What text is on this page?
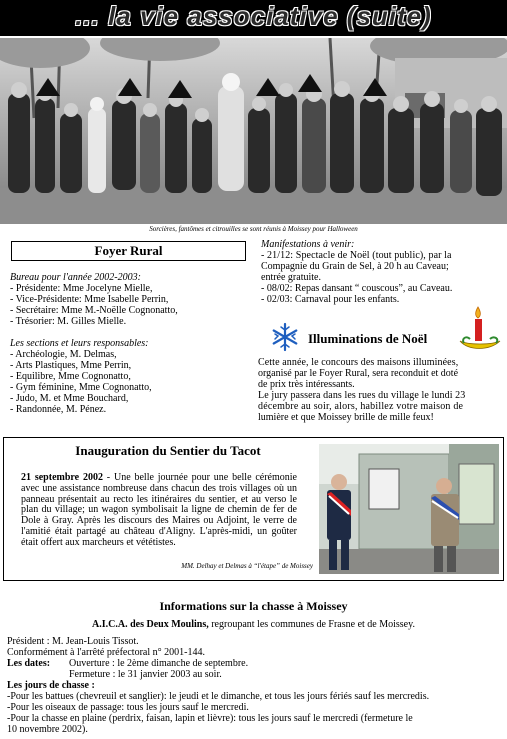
... la vie associative (suite)
Sorcières, fantômes et citrouilles se sont réunis à Moissey pour Halloween
Foyer Rural
Bureau pour l'année 2002-2003:
- Présidente: Mme Jocelyne Mielle,
- Vice-Présidente: Mme Isabelle Perrin,
- Secrétaire: Mme M.-Noëlle Cognonatto,
- Trésorier: M. Gilles Mielle.
Les sections et leurs responsables:
- Archéologie, M. Delmas,
- Arts Plastiques, Mme Perrin,
- Equilibre, Mme Cognonatto,
- Gym féminine, Mme Cognonatto,
- Judo, M. et Mme Bouchard,
- Randonnée, M. Pénez.
Manifestations à venir:
- 21/12: Spectacle de Noël (tout public), par la
Compagnie du Grain de Sel, à 20 h au Caveau;
entrée gratuite.
- 08/02: Repas dansant “ couscous”, au Caveau.
- 02/03: Carnaval pour les enfants.
Illuminations de Noël
Cette année, le concours des maisons illuminées,
organisé par le Foyer Rural, sera reconduit et doté
de prix très intéressants.
Le jury passera dans les rues du village le lundi 23
décembre au soir, alors, habillez votre maison de
lumière et que Moissey brille de mille feux!
Inauguration du Sentier du Tacot
21 septembre 2002 - Une belle journée pour une belle cérémonie avec une assistance nombreuse dans chacun des trois villages où un panneau présentait au recto les itinéraires du sentier, et au verso le plan du village; un wagon symbolisait la ligne de chemin de fer de Dole à Gray. Après les discours des Maires ou Adjoint, le verre de l'amitié était partagé au château d'Aligny. L'après-midi, un goûter était offert aux marcheurs et vététistes.
MM. Delhay et Delmas à “l'étape” de Moissey
Informations sur la chasse à Moissey
A.I.C.A. des Deux Moulins, regroupant les communes de Frasne et de Moissey.
Président : M. Jean-Louis Tissot.
Conformément à l'arrêté préfectoral n° 2001-144.
Les dates: Ouverture : le 2ème dimanche de septembre.
Fermeture : le 31 janvier 2003 au soir.
Les jours de chasse :
-Pour les battues (chevreuil et sanglier): le jeudi et le dimanche, et tous les jours fériés sauf les mercredis.
-Pour les oiseaux de passage: tous les jours sauf le mercredi.
-Pour la chasse en plaine (perdrix, faisan, lapin et lièvre): tous les jours sauf le mercredi (fermeture le
10 novembre 2002).
